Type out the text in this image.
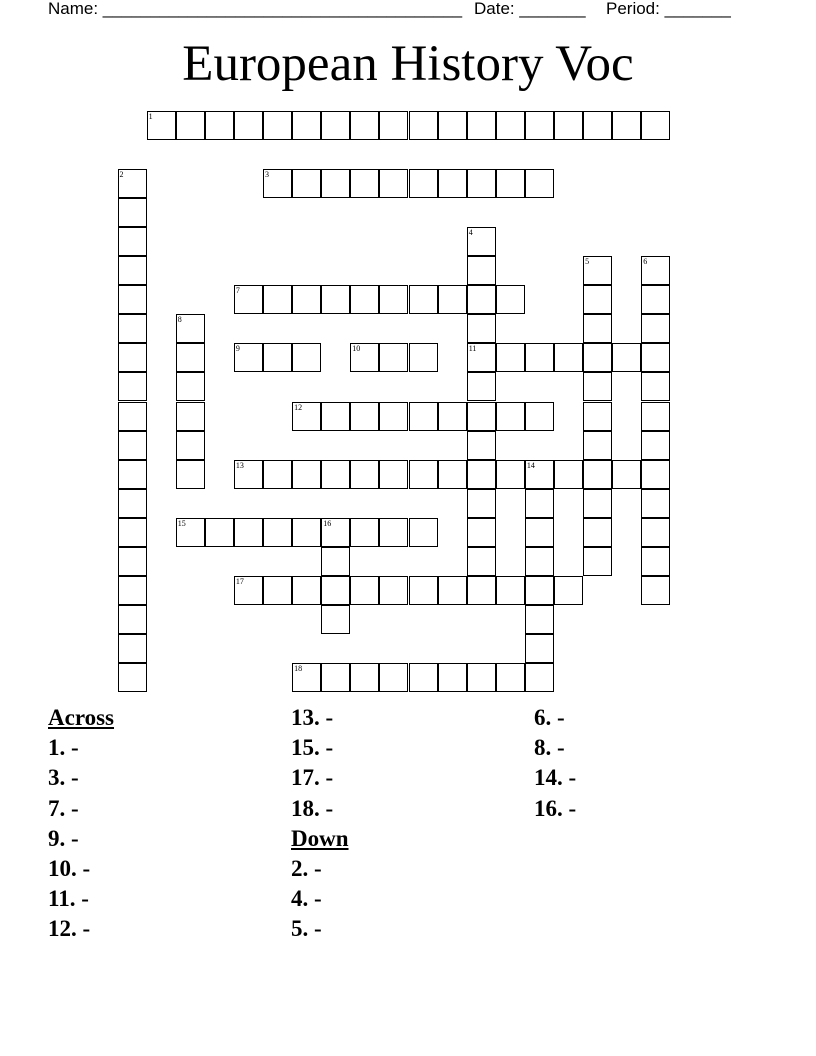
Name: ______________________________________ Date: _______ Period: _______
European History Voc
1
2	3
4
11
5	6
7
8
9	10
12
13	14
15	16
17
18
Across
1. -
3. -
7. -
9. -
10. -
11. -
12. -
13. -
15. -
17. -
18. -
Down
2. -
4. -
5. -
6. -
8. -
14. -
16. -
